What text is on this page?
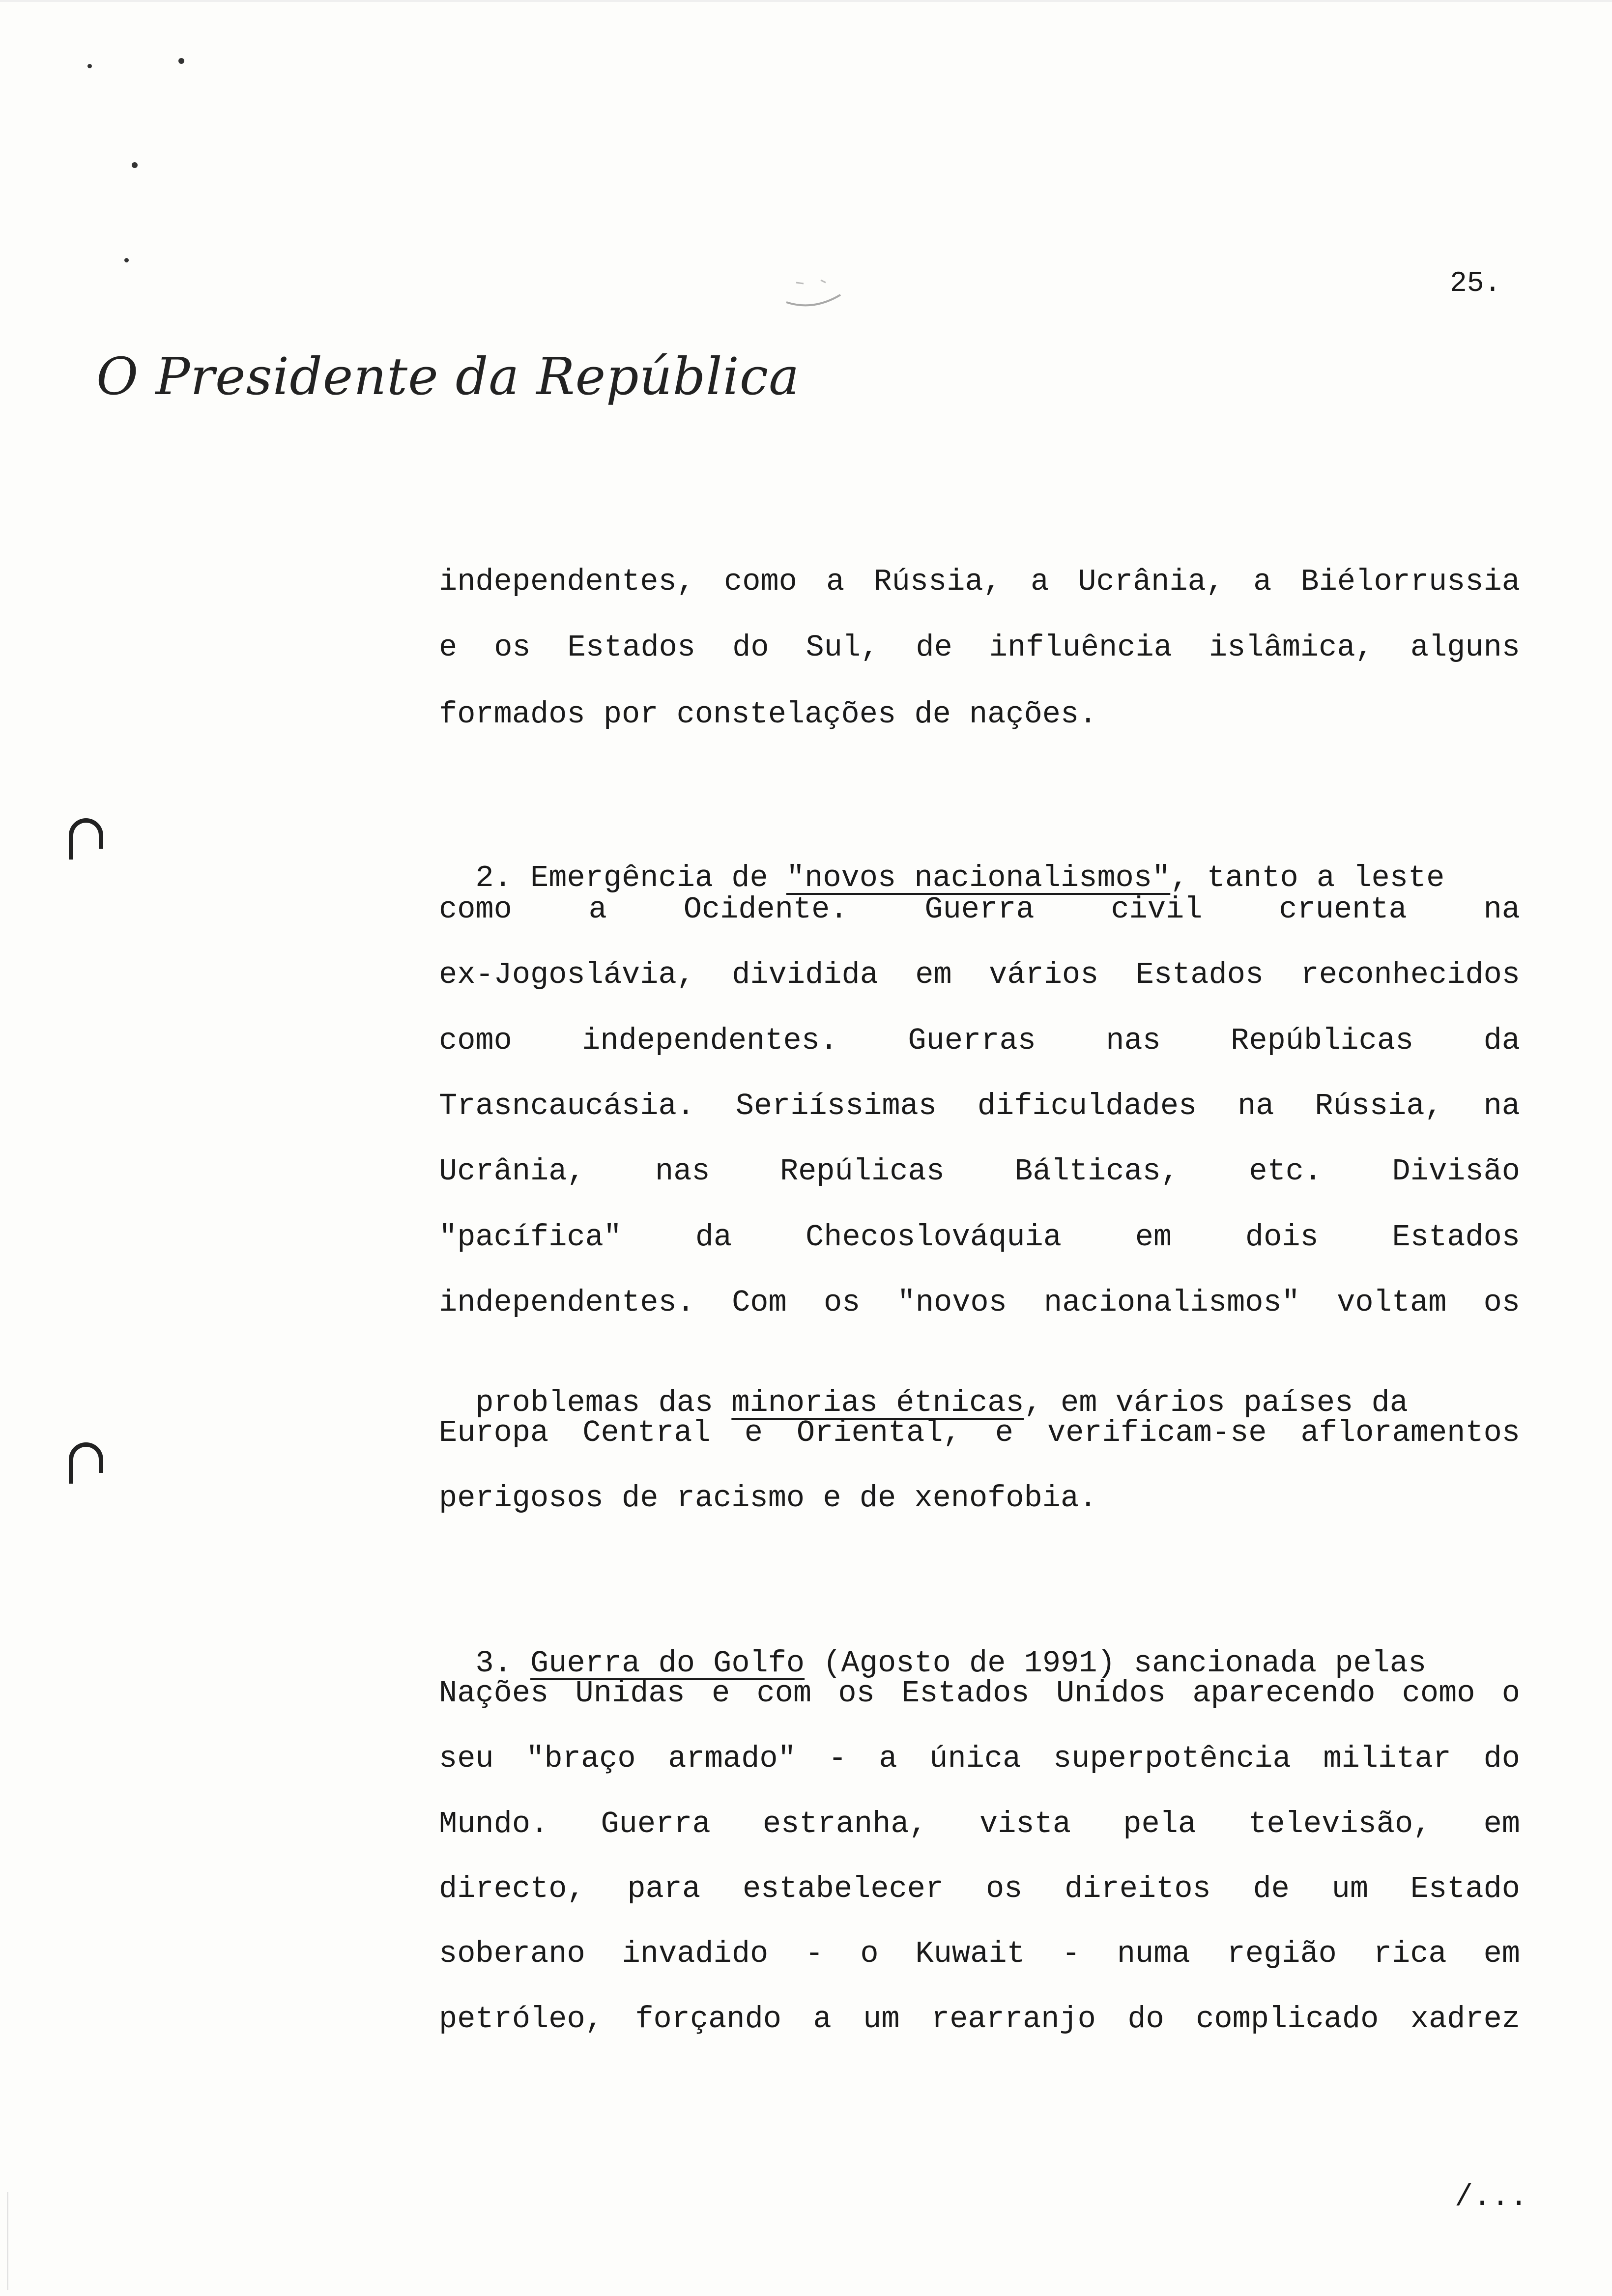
25.
O Presidente da República
independentes, como a Rússia, a Ucrânia, a Biélorrussia
e os Estados do Sul, de influência islâmica, alguns
formados por constelações de nações.

2. Emergência de "novos nacionalismos", tanto a leste

como a Ocidente. Guerra civil cruenta na
ex-Jogoslávia, dividida em vários Estados reconhecidos
como independentes. Guerras nas Repúblicas da
Trasncaucásia. Seriíssimas dificuldades na Rússia, na
Ucrânia, nas Repúlicas Bálticas, etc. Divisão
"pacífica" da Checoslováquia em dois Estados
independentes. Com os "novos nacionalismos" voltam os

problemas das minorias étnicas, em vários países da

Europa Central e Oriental, e verificam-se afloramentos
perigosos de racismo e de xenofobia.

3. Guerra do Golfo (Agosto de 1991) sancionada pelas

Nações Unidas e com os Estados Unidos aparecendo como o
seu "braço armado" - a única superpotência militar do
Mundo. Guerra estranha, vista pela televisão, em
directo, para estabelecer os direitos de um Estado
soberano invadido - o Kuwait - numa região rica em
petróleo, forçando a um rearranjo do complicado xadrez
/...
